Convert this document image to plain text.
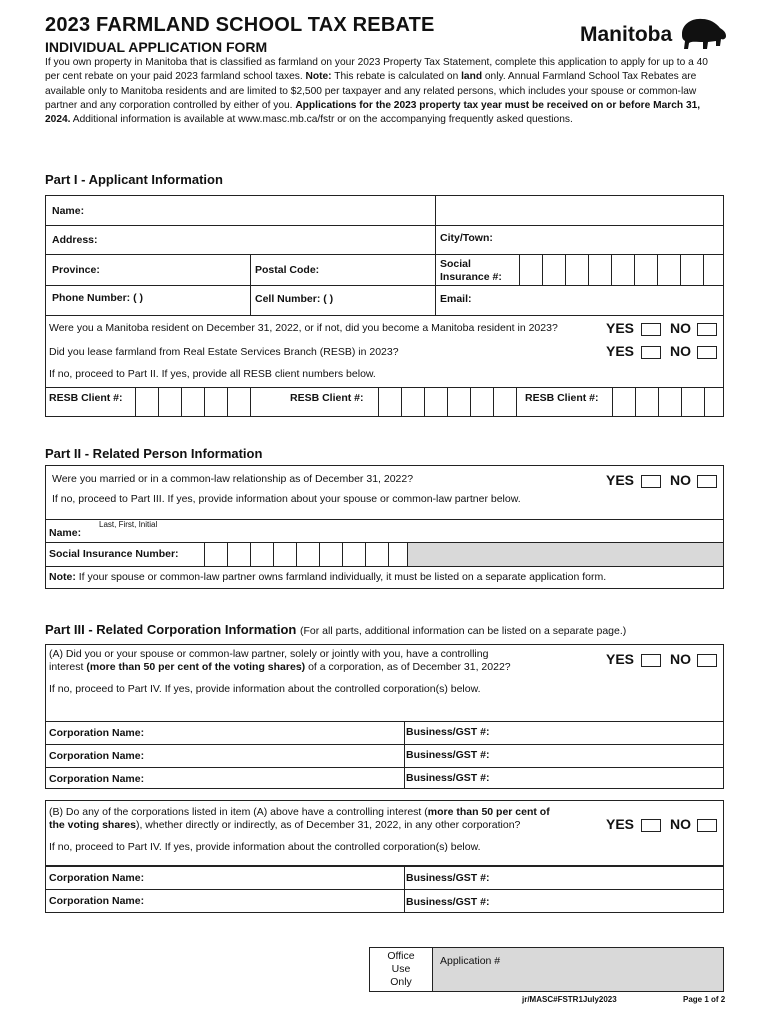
2023 FARMLAND SCHOOL TAX REBATE
INDIVIDUAL APPLICATION FORM
Manitoba
If you own property in Manitoba that is classified as farmland on your 2023 Property Tax Statement, complete this application to apply for up to a 40 per cent rebate on your paid 2023 farmland school taxes. Note: This rebate is calculated on land only. Annual Farmland School Tax Rebates are available only to Manitoba residents and are limited to $2,500 per taxpayer and any related persons, which includes your spouse or common-law partner and any corporation controlled by either of you. Applications for the 2023 property tax year must be received on or before March 31, 2024. Additional information is available at www.masc.mb.ca/fstr or on the accompanying frequently asked questions.
Part I - Applicant Information
Name:
Address:	City/Town:
Province:	Postal Code:	Social
Insurance #:
Phone Number: ( )	Cell Number: ( )	Email:
Were you a Manitoba resident on December 31, 2022, or if not, did you become a Manitoba resident in 2023?	YES	NO
Did you lease farmland from Real Estate Services Branch (RESB) in 2023?	YES	NO
If no, proceed to Part II. If yes, provide all RESB client numbers below.
RESB Client #:	RESB Client #:	RESB Client #:
Part II - Related Person Information
Were you married or in a common-law relationship as of December 31, 2022?	YES	NO
If no, proceed to Part III. If yes, provide information about your spouse or common-law partner below.
Last, First, Initial
Name:
Social Insurance Number:
Note: If your spouse or common-law partner owns farmland individually, it must be listed on a separate application form.
Part III - Related Corporation Information (For all parts, additional information can be listed on a separate page.)
(A) Did you or your spouse or common-law partner, solely or jointly with you, have a controlling
interest (more than 50 per cent of the voting shares) of a corporation, as of December 31, 2022?	YES	NO
If no, proceed to Part IV. If yes, provide information about the controlled corporation(s) below.
Corporation Name:	Business/GST #:
Corporation Name:	Business/GST #:
Corporation Name:	Business/GST #:
(B) Do any of the corporations listed in item (A) above have a controlling interest (more than 50 per cent of
the voting shares), whether directly or indirectly, as of December 31, 2022, in any other corporation?	YES	NO
If no, proceed to Part IV. If yes, provide information about the controlled corporation(s) below.
Corporation Name:	Business/GST #:
Corporation Name:	Business/GST #:
Office
Use
Only
Application #
jr/MASC#FSTR1July2023	Page 1 of 2
